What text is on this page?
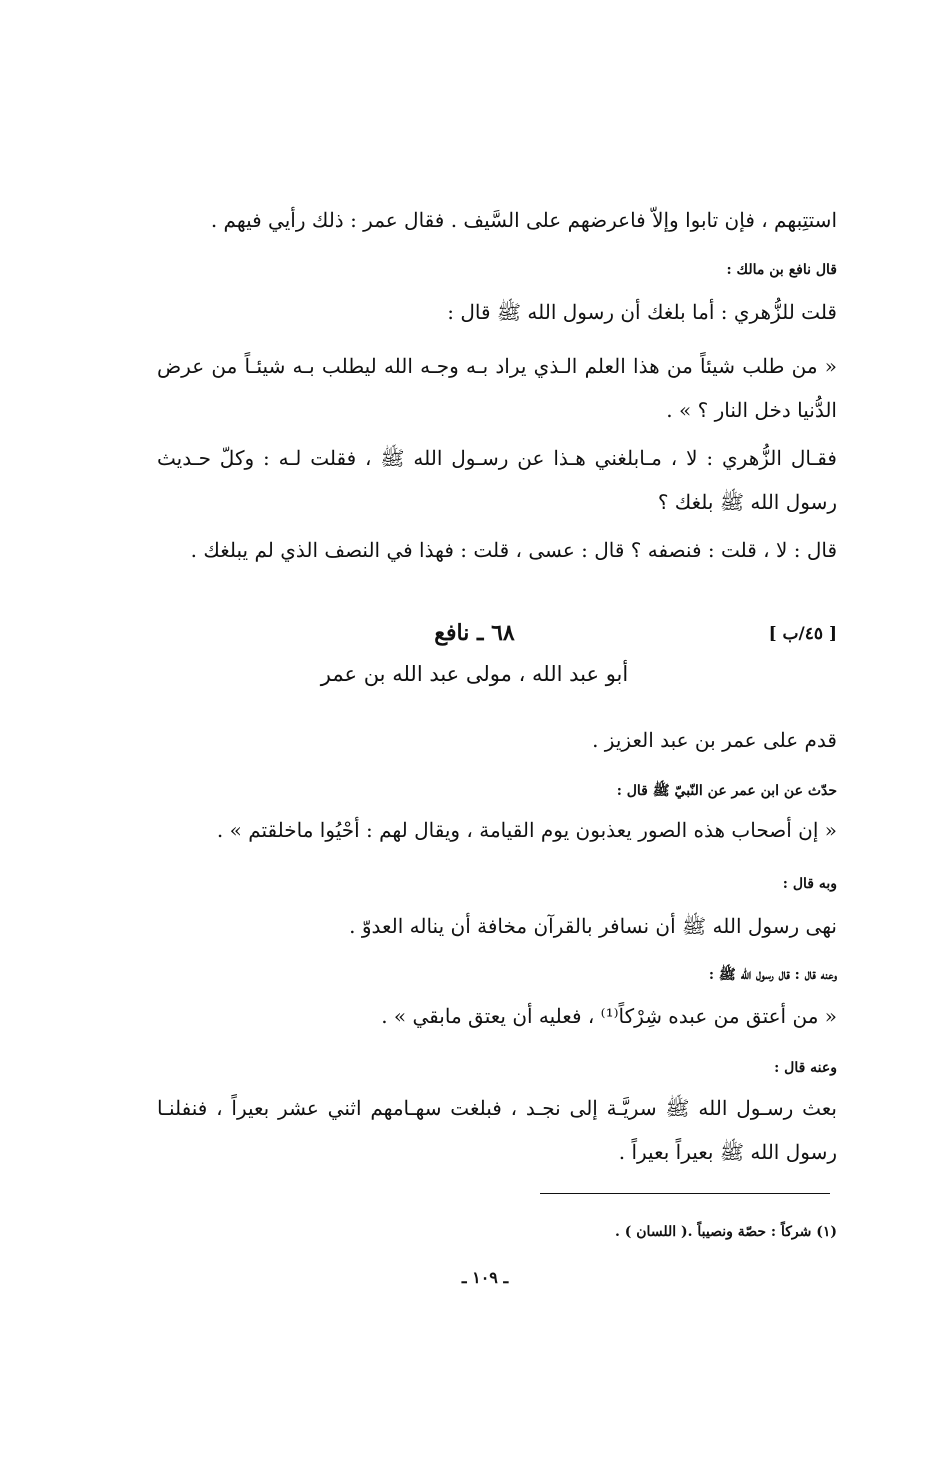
استتِبهم ، فإن تابوا وإلاّ فاعرضهم على السَّيف . فقال عمر : ذلك رأيي فيهم .
قال نافع بن مالك :
قلت للزُّهري : أما بلغك أن رسول الله ﷺ قال :
« من طلب شيئاً من هذا العلم الـذي يراد بـه وجـه الله ليطلب بـه شيئـاً من عرض الدُّنيا دخل النار ؟ » .
فقـال الزُّهري : لا ، مـابلغني هـذا عن رسـول الله ﷺ ، فقلت لـه : وكلّ حـديث رسول الله ﷺ بلغك ؟
قال : لا ، قلت : فنصفه ؟ قال : عسى ، قلت : فهذا في النصف الذي لم يبلغك .
[ ٤٥/ب ]
٦٨ ـ نافع
أبو عبد الله ، مولى عبد الله بن عمر
قدم على عمر بن عبد العزيز .
حدّث عن ابن عمر عن النّبيّ ﷺ قال :
« إن أصحاب هذه الصور يعذبون يوم القيامة ، ويقال لهم : أحْيُوا ماخلقتم » .
وبه قال :
نهى رسول الله ﷺ أن نسافر بالقرآن مخافة أن يناله العدوّ .
وعنه قال : قال رسول الله ﷺ :
« من أعتق من عبده شِرْكاً⁽¹⁾ ، فعليه أن يعتق مابقي » .
وعنه قال :
بعث رسـول الله ﷺ سريَّـة إلى نجـد ، فبلغت سهـامهم اثني عشر بعيراً ، فنفلنـا رسول الله ﷺ بعيراً بعيراً .
(١) شركاً : حصّة ونصيباً .( اللسان ) .
ـ ١٠٩ ـ
